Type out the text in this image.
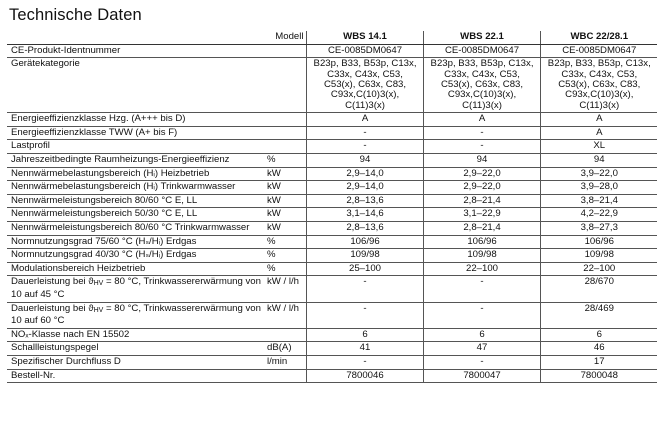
Technische Daten
Modell		WBS 14.1	WBS 22.1	WBC 22/28.1
CE-Produkt-Identnummer		CE-0085DM0647	CE-0085DM0647	CE-0085DM0647
Gerätekategorie		B23p, B33, B53p, C13x, C33x, C43x, C53, C53(x), C63x, C83, C93x,C(10)3(x), C(11)3(x)	B23p, B33, B53p, C13x, C33x, C43x, C53, C53(x), C63x, C83, C93x,C(10)3(x), C(11)3(x)	B23p, B33, B53p, C13x, C33x, C43x, C53, C53(x), C63x, C83, C93x,C(10)3(x), C(11)3(x)
Energieeffizienzklasse Hzg. (A+++ bis D)		A	A	A
Energieeffizienzklasse TWW (A+ bis F)		-	-	A
Lastprofil		-	-	XL
Jahreszeitbedingte Raumheizungs-Energieeffizienz	%	94	94	94
Nennwärmebelastungsbereich (Hᵢ) Heizbetrieb	kW	2,9–14,0	2,9–22,0	3,9–22,0
Nennwärmebelastungsbereich (Hᵢ) Trinkwarmwasser	kW	2,9–14,0	2,9–22,0	3,9–28,0
Nennwärmeleistungsbereich 80/60 °C E, LL	kW	2,8–13,6	2,8–21,4	3,8–21,4
Nennwärmeleistungsbereich 50/30 °C E, LL	kW	3,1–14,6	3,1–22,9	4,2–22,9
Nennwärmeleistungsbereich 80/60 °C Trinkwarmwasser	kW	2,8–13,6	2,8–21,4	3,8–27,3
Normnutzungsgrad 75/60 °C (Hₛ/Hᵢ) Erdgas	%	106/96	106/96	106/96
Normnutzungsgrad 40/30 °C (Hₛ/Hᵢ) Erdgas	%	109/98	109/98	109/98
Modulationsbereich Heizbetrieb	%	25–100	22–100	22–100
Dauerleistung bei $ϑ_{HV} = 80$ °C, Trinkwassererwärmung von 10 auf 45 °C	kW / l/h	-	-	28/670
Dauerleistung bei $ϑ_{HV} = 80$ °C, Trinkwassererwärmung von 10 auf 60 °C	kW / l/h	-	-	28/469
NOₓ-Klasse nach EN 15502		6	6	6
Schallleistungspegel	dB(A)	41	47	46
Spezifischer Durchfluss D	l/min	-	-	17
Bestell-Nr.		7800046	7800047	7800048
